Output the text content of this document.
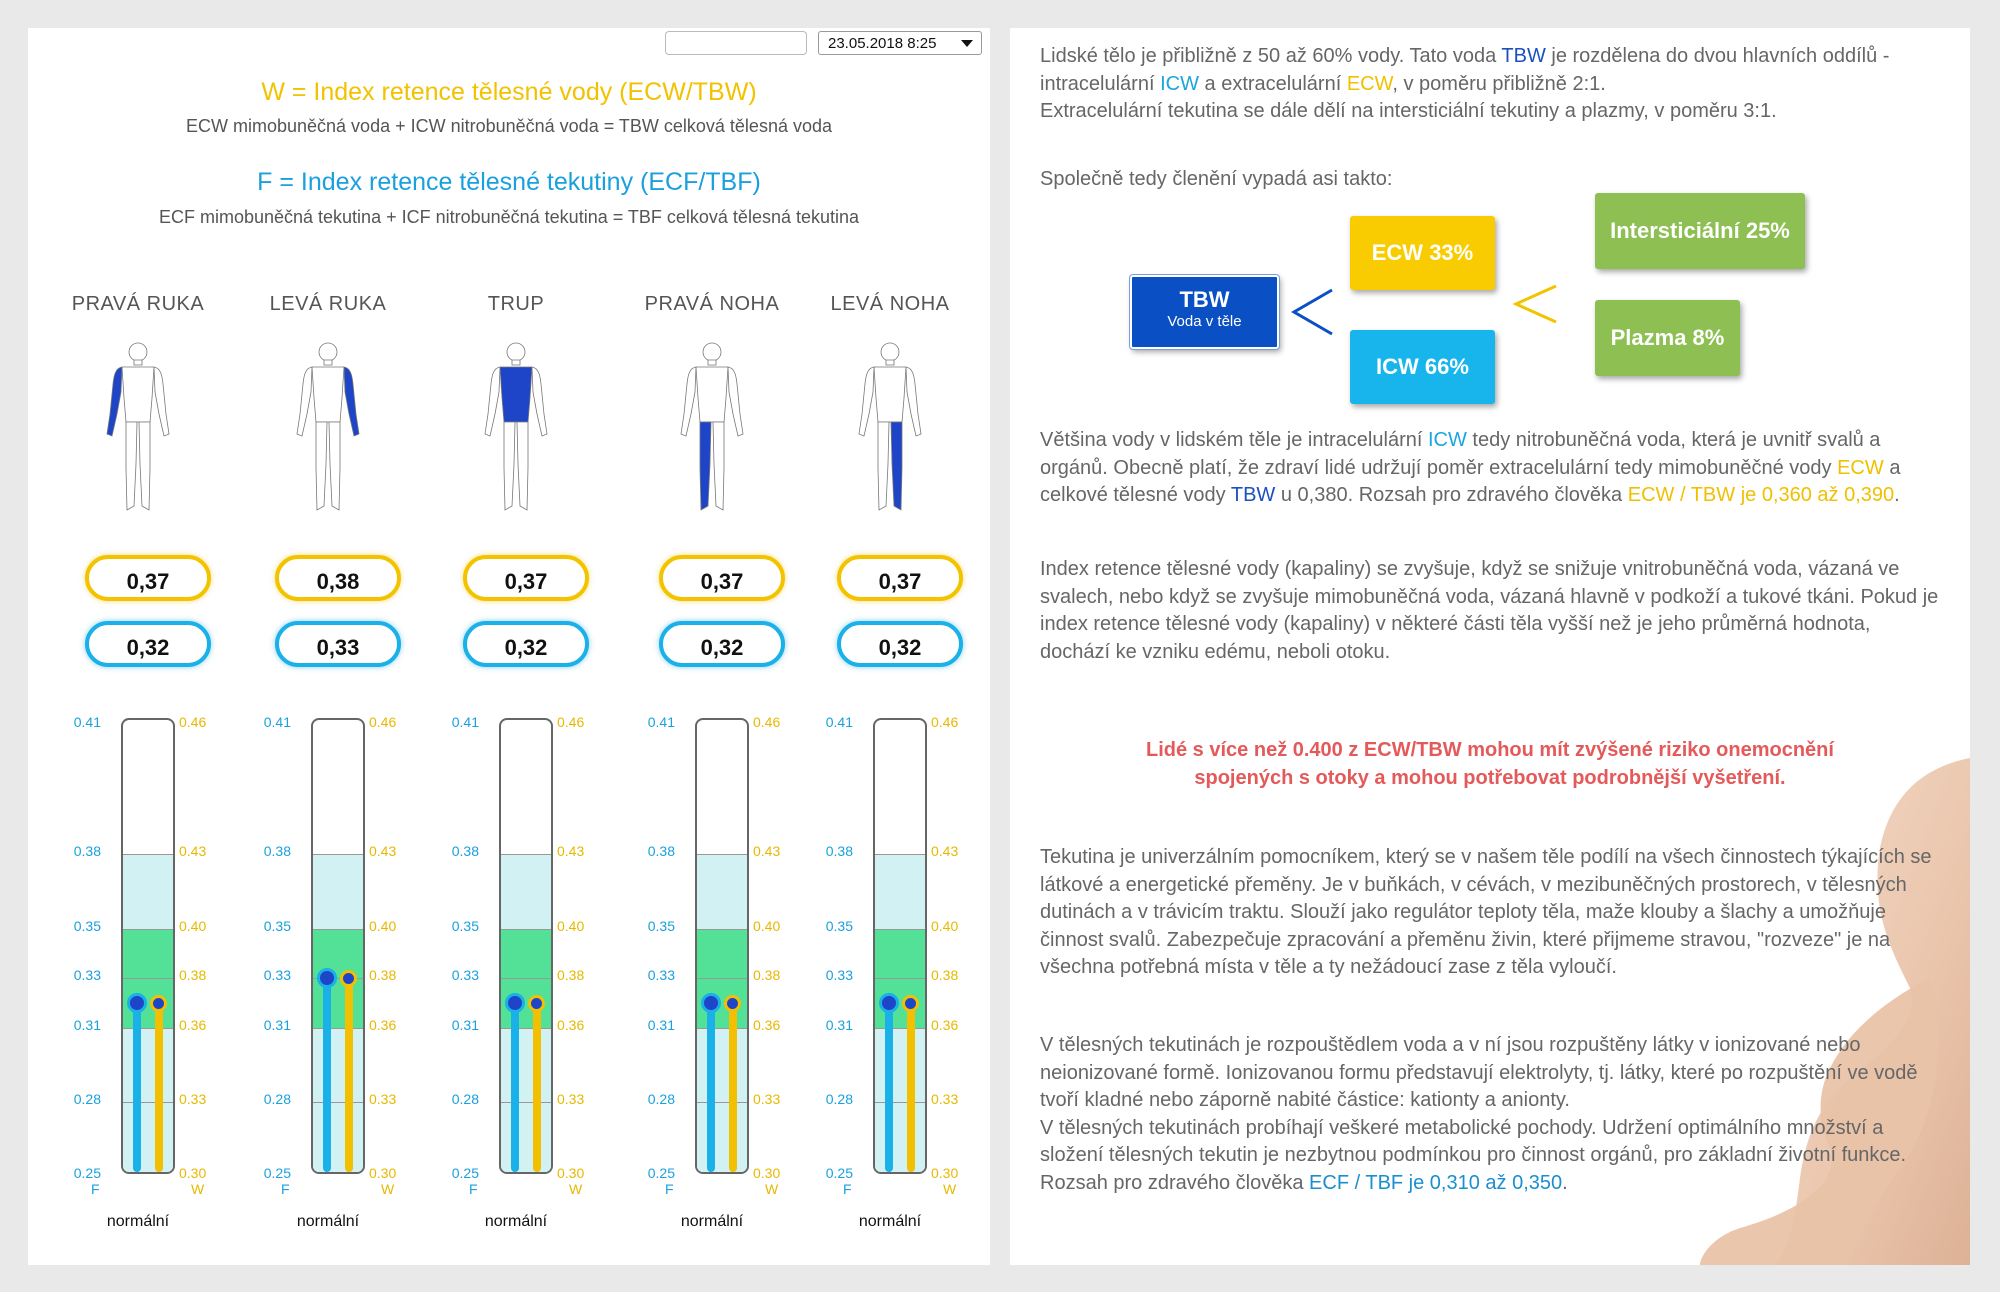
23.05.2018 8:25
W = Index retence tělesné vody (ECW/TBW)
ECW mimobuněčná voda + ICW nitrobuněčná voda = TBW celková tělesná voda
F = Index retence tělesné tekutiny (ECF/TBF)
ECF mimobuněčná tekutina + ICF nitrobuněčná tekutina = TBF celková tělesná tekutina
PRAVÁ RUKA
0,37
0,32
0.41	0.46
0.38	0.43
0.35	0.40
0.33	0.38
0.31	0.36
0.28	0.33
0.25	0.30
F	W
normální
LEVÁ RUKA
0,38
0,33
0.41	0.46
0.38	0.43
0.35	0.40
0.33	0.38
0.31	0.36
0.28	0.33
0.25	0.30
F	W
normální
TRUP
0,37
0,32
0.41	0.46
0.38	0.43
0.35	0.40
0.33	0.38
0.31	0.36
0.28	0.33
0.25	0.30
F	W
normální
PRAVÁ NOHA
0,37
0,32
0.41	0.46
0.38	0.43
0.35	0.40
0.33	0.38
0.31	0.36
0.28	0.33
0.25	0.30
F	W
normální
LEVÁ NOHA
0,37
0,32
0.41	0.46
0.38	0.43
0.35	0.40
0.33	0.38
0.31	0.36
0.28	0.33
0.25	0.30
F	W
normální

Lidské tělo je přibližně z 50 až 60% vody. Tato voda TBW je rozdělena do dvou hlavních oddílů - intracelulární ICW a extracelulární ECW, v poměru přibližně 2:1.
Extracelulární tekutina se dále dělí na intersticiální tekutiny a plazmy, v poměru 3:1.

Společně tedy členění vypadá asi takto:

TBW
Voda v těle
ECW 33%
ICW 66%
Intersticiální 25%
Plazma 8%

Většina vody v lidském těle je intracelulární ICW tedy nitrobuněčná voda, která je uvnitř svalů a orgánů. Obecně platí, že zdraví lidé udržují poměr extracelulární tedy mimobuněčné vody ECW a celkové tělesné vody TBW u 0,380. Rozsah pro zdravého člověka ECW / TBW je 0,360 až 0,390.

Index retence tělesné vody (kapaliny) se zvyšuje, když se snižuje vnitrobuněčná voda, vázaná ve svalech, nebo když se zvyšuje mimobuněčná voda, vázaná hlavně v podkoží a tukové tkáni. Pokud je index retence tělesné vody (kapaliny) v některé části těla vyšší než je jeho průměrná hodnota, dochází ke vzniku edému, neboli otoku.

Lidé s více než 0.400 z ECW/TBW mohou mít zvýšené riziko onemocnění
spojených s otoky a mohou potřebovat podrobnější vyšetření.

Tekutina je univerzálním pomocníkem, který se v našem těle podílí na všech činnostech týkajících se látkové a energetické přeměny. Je v buňkách, v cévách, v mezibuněčných prostorech, v tělesných dutinách a v trávicím traktu. Slouží jako regulátor teploty těla, maže klouby a šlachy a umožňuje činnost svalů. Zabezpečuje zpracování a přeměnu živin, které přijmeme stravou, "rozveze" je na všechna potřebná místa v těle a ty nežádoucí zase z těla vyloučí.

V tělesných tekutinách je rozpouštědlem voda a v ní jsou rozpuštěny látky v ionizované nebo neionizované formě. Ionizovanou formu představují elektrolyty, tj. látky, které po rozpuštění ve vodě tvoří kladné nebo záporně nabité částice: kationty a anionty.
V tělesných tekutinách probíhají veškeré metabolické pochody. Udržení optimálního množství a složení tělesných tekutin je nezbytnou podmínkou pro činnost orgánů, pro základní životní funkce. Rozsah pro zdravého člověka ECF / TBF je 0,310 až 0,350.
